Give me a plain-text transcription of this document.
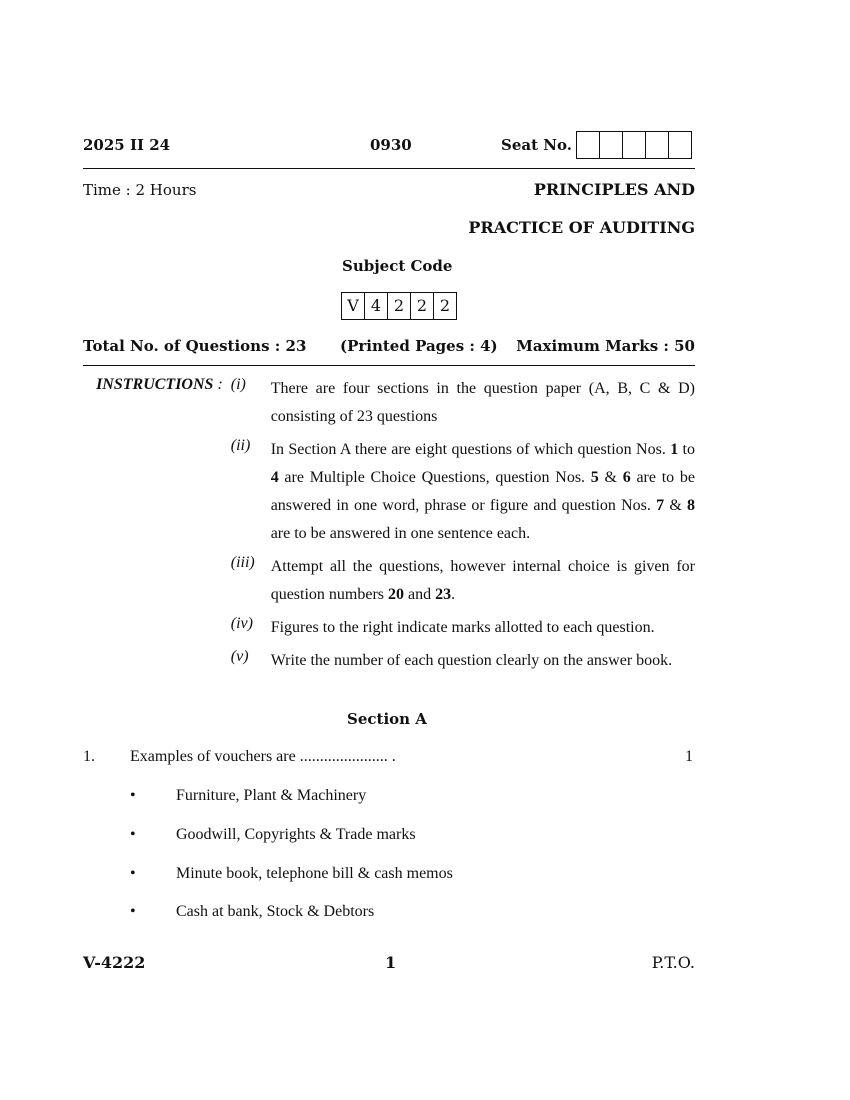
2025 II 24	0930	Seat No.
Time : 2 Hours	PRINCIPLES AND
PRACTICE OF AUDITING
Subject Code
V 4 2 2 2
Total No. of Questions : 23 (Printed Pages : 4) Maximum Marks : 50
INSTRUCTIONS : (i)	There are four sections in the question paper (A, B, C & D) consisting of 23 questions
(ii)	In Section A there are eight questions of which question Nos. 1 to 4 are Multiple Choice Questions, question Nos. 5 & 6 are to be answered in one word, phrase or figure and question Nos. 7 & 8 are to be answered in one sentence each.
(iii) Attempt all the questions, however internal choice is given for question numbers 20 and 23.
(iv)	Figures to the right indicate marks allotted to each question.
(v)	Write the number of each question clearly on the answer book.
Section A
1. Examples of vouchers are ...................... .	1
•	Furniture, Plant & Machinery
•	Goodwill, Copyrights & Trade marks
•	Minute book, telephone bill & cash memos
•	Cash at bank, Stock & Debtors
V-4222	1	P.T.O.
